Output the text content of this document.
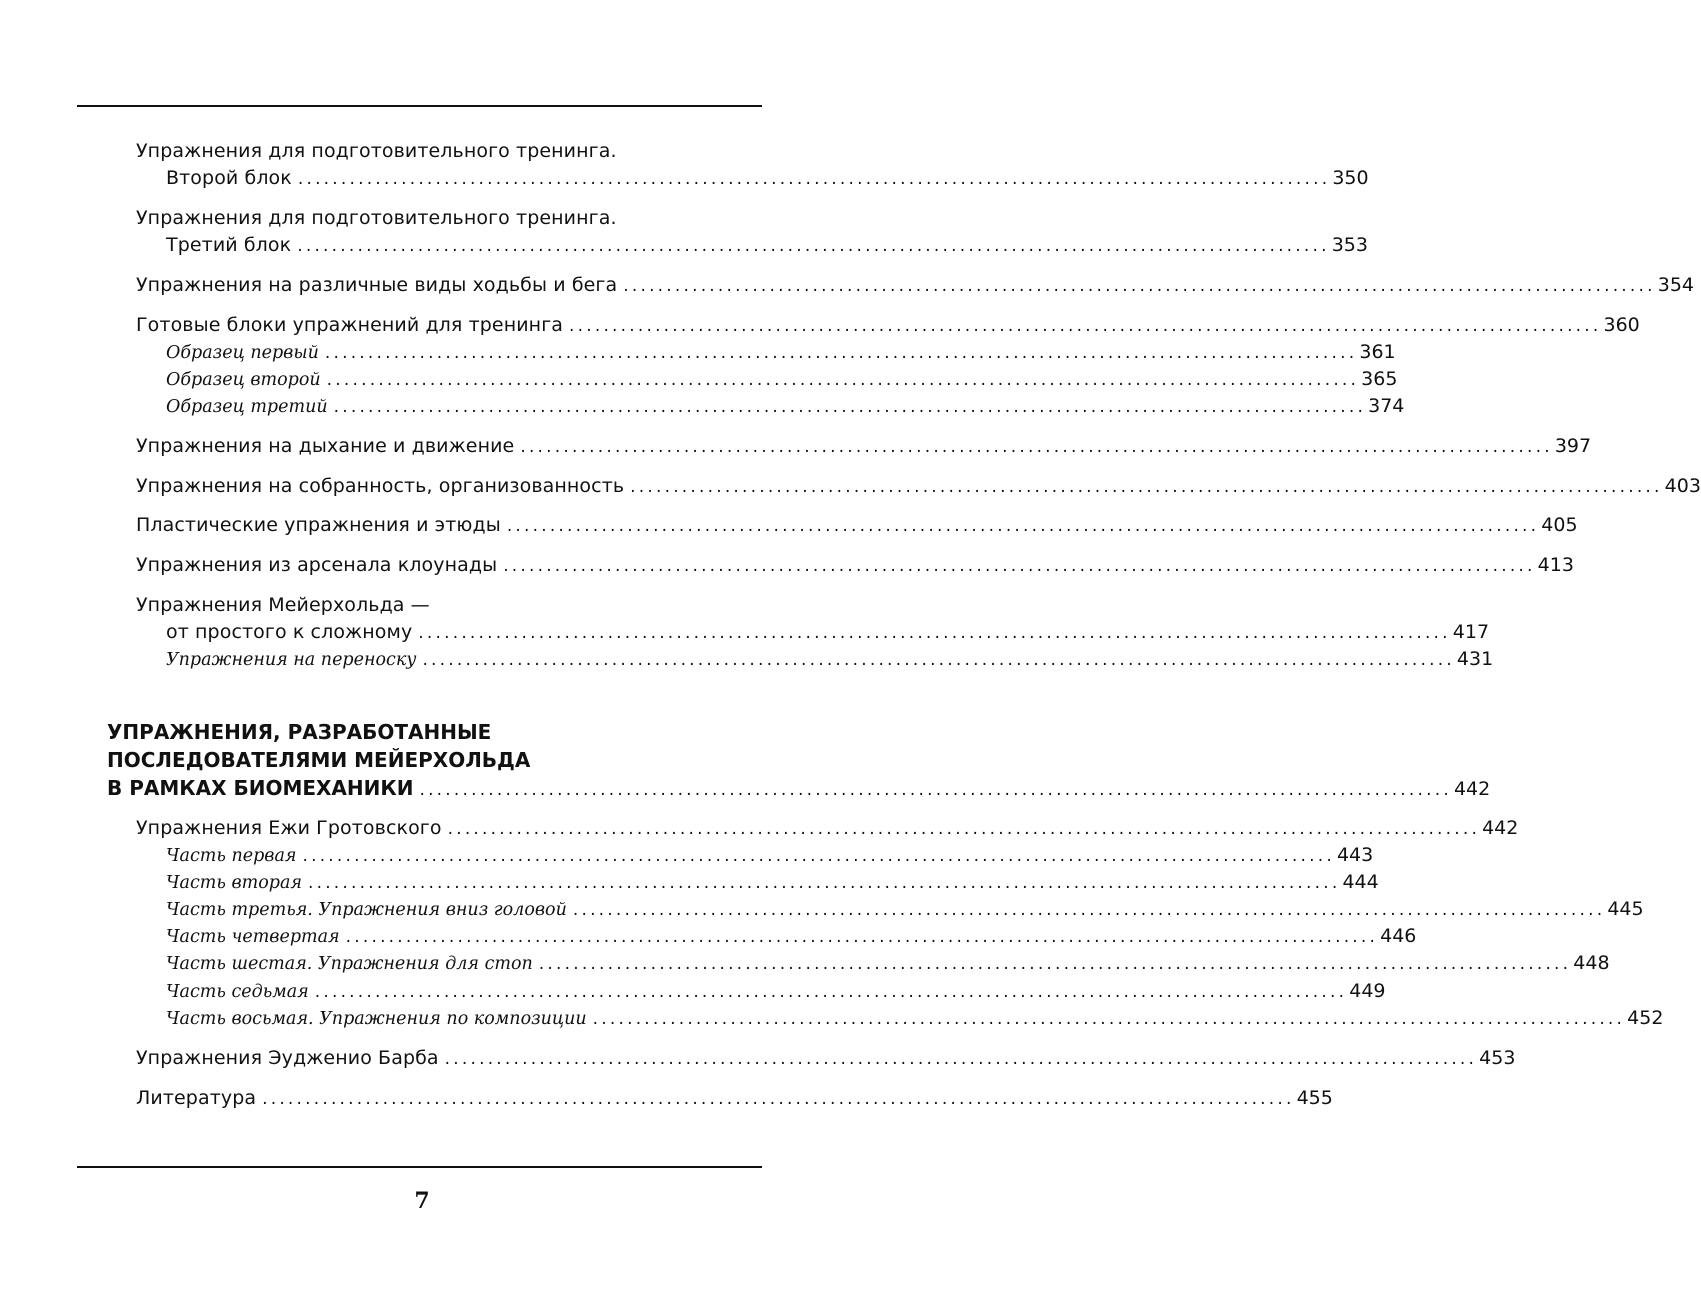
Упражнения для подготовительного тренинга.
Второй блок ........................................................................................................................ 350
Упражнения для подготовительного тренинга.
Третий блок ........................................................................................................................ 353
Упражнения на различные виды ходьбы и бега ........................................................................................................................ 354
Готовые блоки упражнений для тренинга ........................................................................................................................ 360
Образец первый ........................................................................................................................ 361
Образец второй ........................................................................................................................ 365
Образец третий ........................................................................................................................ 374
Упражнения на дыхание и движение ........................................................................................................................ 397
Упражнения на собранность, организованность ........................................................................................................................ 403
Пластические упражнения и этюды ........................................................................................................................ 405
Упражнения из арсенала клоунады ........................................................................................................................ 413
Упражнения Мейерхольда —
от простого к сложному ........................................................................................................................ 417
Упражнения на переноску ........................................................................................................................ 431
УПРАЖНЕНИЯ, РАЗРАБОТАННЫЕ
ПОСЛЕДОВАТЕЛЯМИ МЕЙЕРХОЛЬДА
В РАМКАХ БИОМЕХАНИКИ ........................................................................................................................ 442
Упражнения Ежи Гротовского ........................................................................................................................ 442
Часть первая ........................................................................................................................ 443
Часть вторая ........................................................................................................................ 444
Часть третья. Упражнения вниз головой ........................................................................................................................ 445
Часть четвертая ........................................................................................................................ 446
Часть шестая. Упражнения для стоп ........................................................................................................................ 448
Часть седьмая ........................................................................................................................ 449
Часть восьмая. Упражнения по композиции ........................................................................................................................ 452
Упражнения Эудженио Барба ........................................................................................................................ 453
Литература ........................................................................................................................ 455
7
